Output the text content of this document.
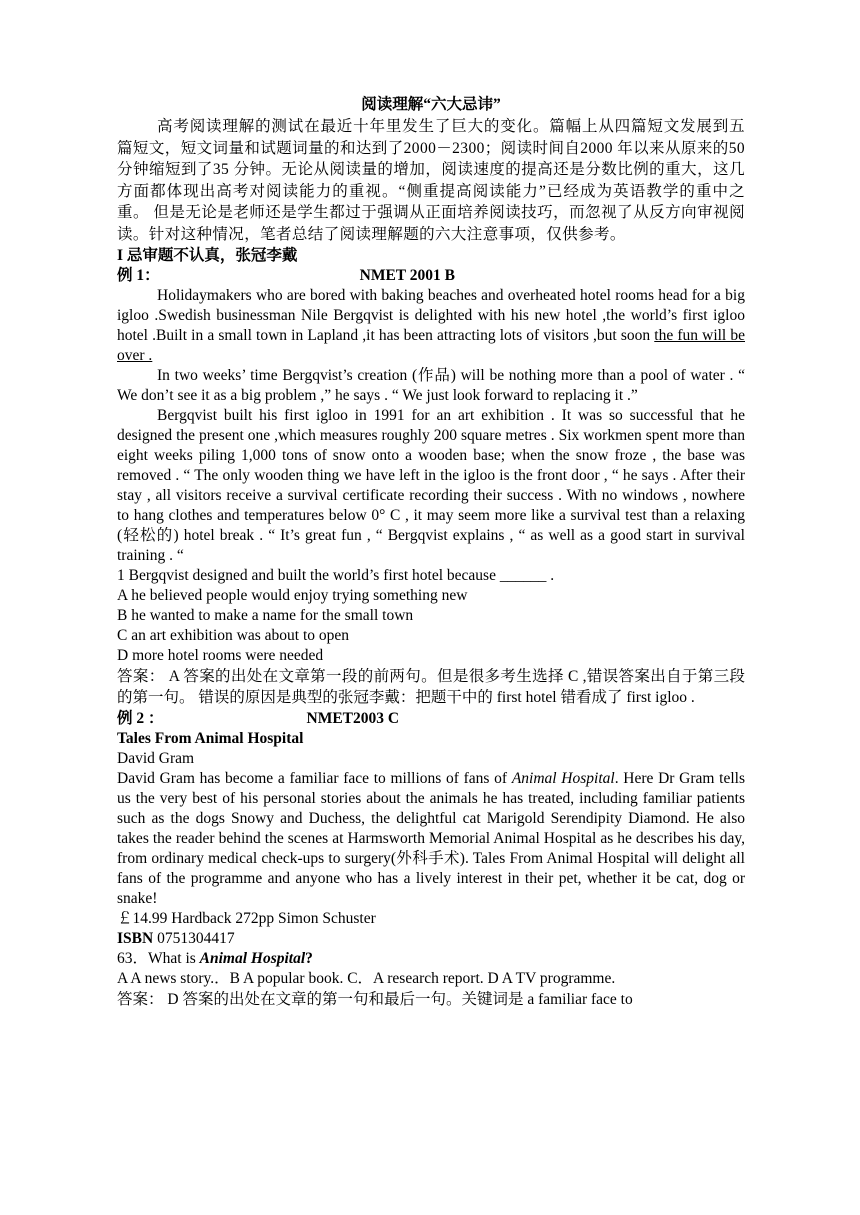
阅读理解“六大忌讳”
高考阅读理解的测试在最近十年里发生了巨大的变化。篇幅上从四篇短文发展到五篇短文，短文词量和试题词量的和达到了2000－2300；阅读时间自2000 年以来从原来的50分钟缩短到了35 分钟。无论从阅读量的增加，阅读速度的提高还是分数比例的重大，这几方面都体现出高考对阅读能力的重视。“侧重提高阅读能力”已经成为英语教学的重中之重。 但是无论是老师还是学生都过于强调从正面培养阅读技巧，而忽视了从反方向审视阅读。针对这种情况，笔者总结了阅读理解题的六大注意事项，仅供参考。
I 忌审题不认真，张冠李戴
例 1：	NMET 2001 B
Holidaymakers who are bored with baking beaches and overheated hotel rooms head for a big igloo .Swedish businessman Nile Bergqvist is delighted with his new hotel ,the world’s first igloo hotel .Built in a small town in Lapland ,it has been attracting lots of visitors ,but soon the fun will be over .
In two weeks’ time Bergqvist’s creation (作品) will be nothing more than a pool of water . “ We don’t see it as a big problem ,” he says . “ We just look forward to replacing it .”
Bergqvist built his first igloo in 1991 for an art exhibition . It was so successful that he designed the present one ,which measures roughly 200 square metres . Six workmen spent more than eight weeks piling 1,000 tons of snow onto a wooden base; when the snow froze , the base was removed . “ The only wooden thing we have left in the igloo is the front door , “ he says . After their stay , all visitors receive a survival certificate recording their success . With no windows , nowhere to hang clothes and temperatures below 0° C , it may seem more like a survival test than a relaxing (轻松的) hotel break . “ It’s great fun , “ Bergqvist explains , “ as well as a good start in survival training . “
1 Bergqvist designed and built the world’s first hotel because ______ .
A he believed people would enjoy trying something new
B he wanted to make a name for the small town
C an art exhibition was about to open
D more hotel rooms were needed
答案： A 答案的出处在文章第一段的前两句。但是很多考生选择 C ,错误答案出自于第三段的第一句。 错误的原因是典型的张冠李戴：把题干中的 first hotel 错看成了 first igloo .
例 2 ：	NMET2003 C
Tales From Animal Hospital
David Gram
David Gram has become a familiar face to millions of fans of Animal Hospital. Here Dr Gram tells us the very best of his personal stories about the animals he has treated, including familiar patients such as the dogs Snowy and Duchess, the delightful cat Marigold Serendipity Diamond. He also takes the reader behind the scenes at Harmsworth Memorial Animal Hospital as he describes his day, from ordinary medical check-ups to surgery(外科手术). Tales From Animal Hospital will delight all fans of the programme and anyone who has a lively interest in their pet, whether it be cat, dog or snake!
￡14.99 Hardback 272pp Simon Schuster
ISBN 0751304417
63．What is Animal Hospital?
A A news story.．B A popular book. C．A research report. D A TV programme.
答案： D 答案的出处在文章的第一句和最后一句。关键词是 a familiar face to
